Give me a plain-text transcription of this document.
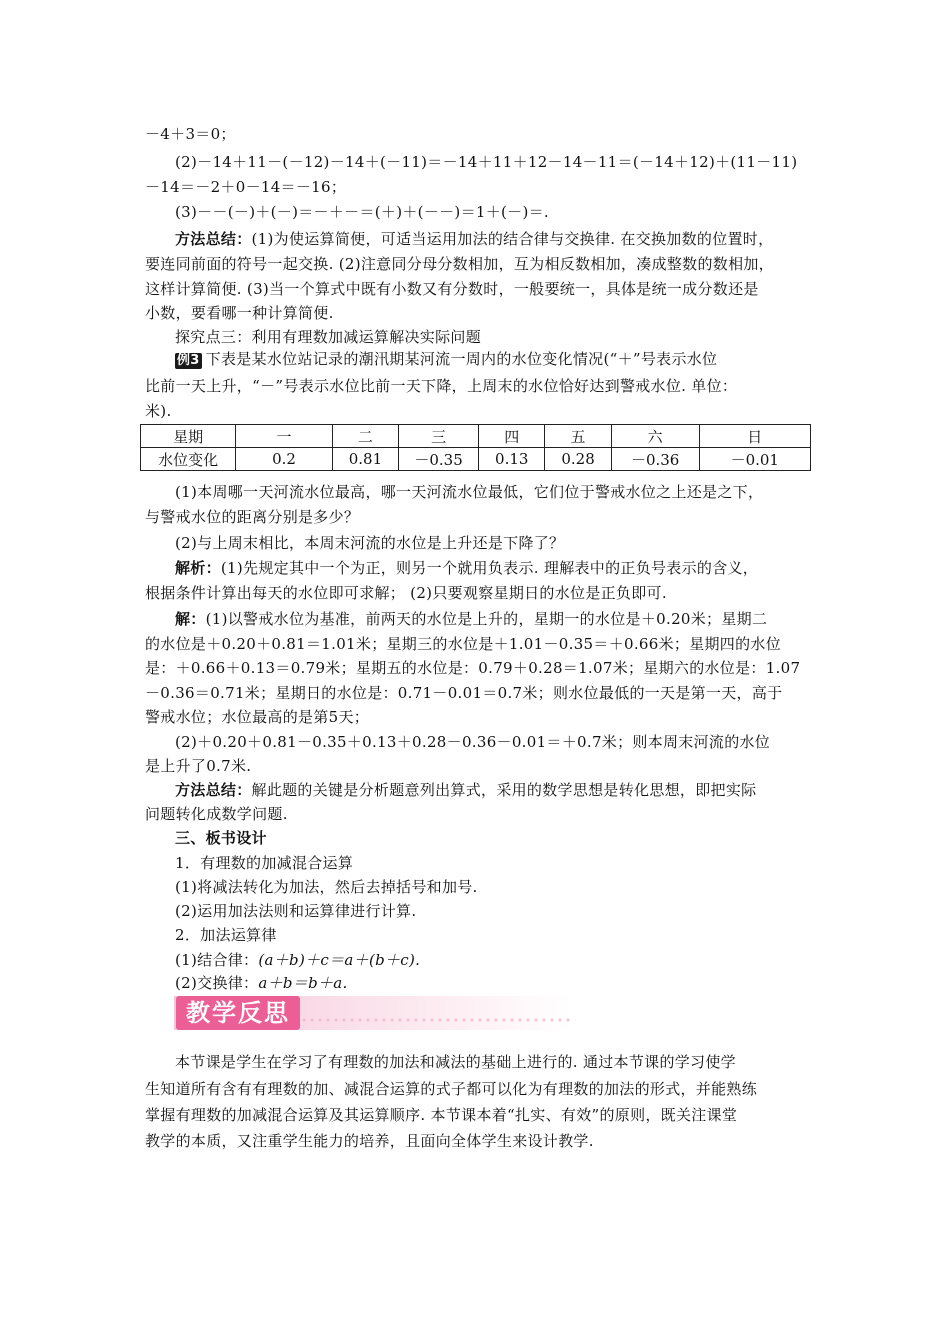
－4＋3＝0；
(2)－14＋11－(－12)－14＋(－11)＝－14＋11＋12－14－11＝(－14＋12)＋(11－11)
－14＝－2＋0－14＝－16；
(3)－－(－)＋(－)＝－＋－＝(＋)＋(－－)＝1＋(－)＝.
方法总结：(1)为使运算简便，可适当运用加法的结合律与交换律. 在交换加数的位置时，
要连同前面的符号一起交换. (2)注意同分母分数相加，互为相反数相加，凑成整数的数相加，
这样计算简便. (3)当一个算式中既有小数又有分数时，一般要统一，具体是统一成分数还是
小数，要看哪一种计算简便.
探究点三：利用有理数加减运算解决实际问题
例3 下表是某水位站记录的潮汛期某河流一周内的水位变化情况(“＋”号表示水位
比前一天上升，“－”号表示水位比前一天下降，上周末的水位恰好达到警戒水位. 单位：
米).
星期	一	二	三	四	五	六	日
水位变化	0.2	0.81	－0.35	0.13	0.28	－0.36	－0.01
(1)本周哪一天河流水位最高，哪一天河流水位最低，它们位于警戒水位之上还是之下，
与警戒水位的距离分别是多少？
(2)与上周末相比，本周末河流的水位是上升还是下降了？
解析：(1)先规定其中一个为正，则另一个就用负表示. 理解表中的正负号表示的含义，
根据条件计算出每天的水位即可求解； (2)只要观察星期日的水位是正负即可.
解：(1)以警戒水位为基准，前两天的水位是上升的，星期一的水位是＋0.20米；星期二
的水位是＋0.20＋0.81＝1.01米；星期三的水位是＋1.01－0.35＝＋0.66米；星期四的水位
是：＋0.66＋0.13＝0.79米；星期五的水位是：0.79＋0.28＝1.07米；星期六的水位是：1.07
－0.36＝0.71米；星期日的水位是：0.71－0.01＝0.7米；则水位最低的一天是第一天，高于
警戒水位；水位最高的是第5天；
(2)＋0.20＋0.81－0.35＋0.13＋0.28－0.36－0.01＝＋0.7米；则本周末河流的水位
是上升了0.7米.
方法总结：解此题的关键是分析题意列出算式，采用的数学思想是转化思想，即把实际
问题转化成数学问题.
三、板书设计
1．有理数的加减混合运算
(1)将减法转化为加法，然后去掉括号和加号.
(2)运用加法法则和运算律进行计算.
2．加法运算律
(1)结合律：(a＋b)＋c＝a＋(b＋c).
(2)交换律：a＋b＝b＋a.
教学反思
本节课是学生在学习了有理数的加法和减法的基础上进行的. 通过本节课的学习使学
生知道所有含有有理数的加、减混合运算的式子都可以化为有理数的加法的形式，并能熟练
掌握有理数的加减混合运算及其运算顺序. 本节课本着“扎实、有效”的原则，既关注课堂
教学的本质，又注重学生能力的培养，且面向全体学生来设计教学.
